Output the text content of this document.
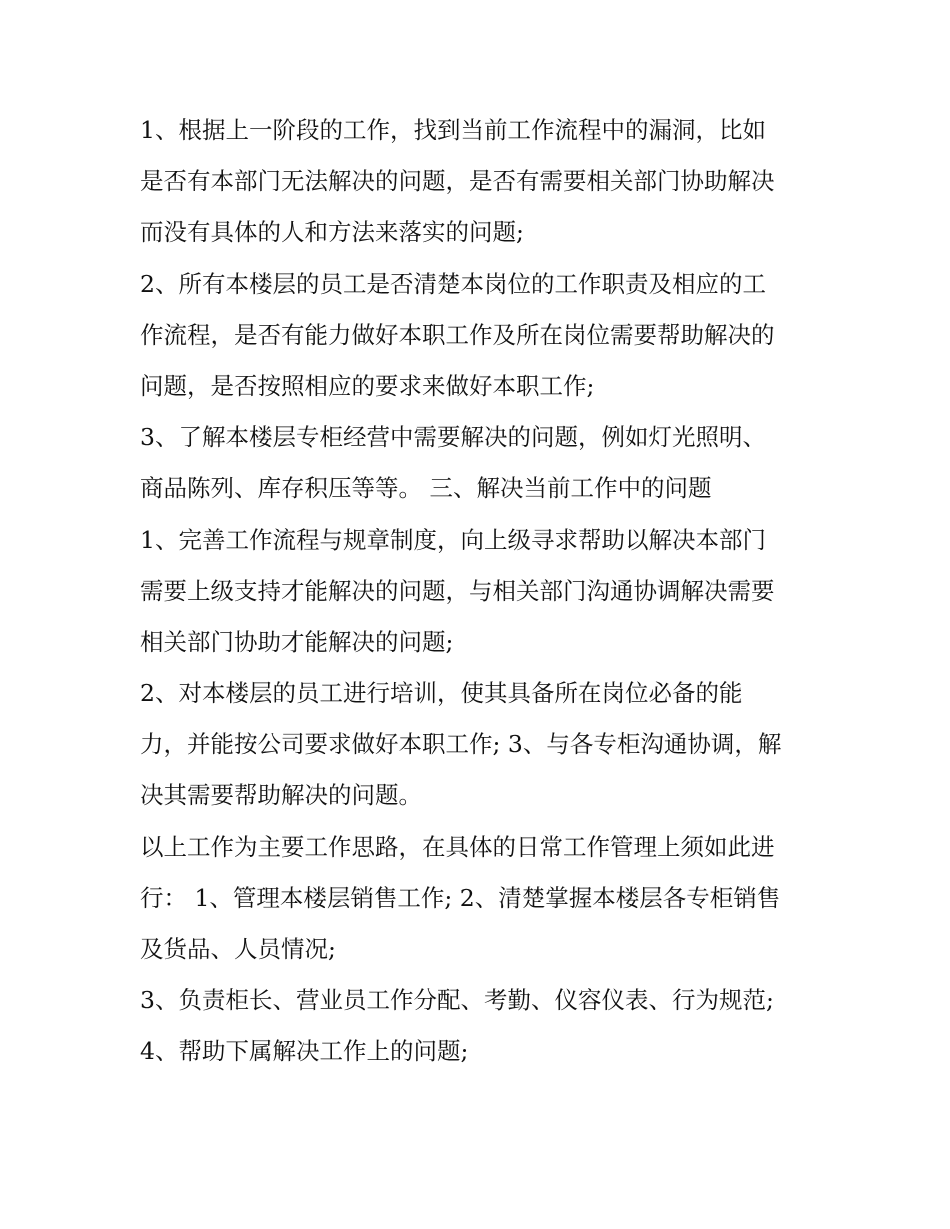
1、根据上一阶段的工作，找到当前工作流程中的漏洞，比如
是否有本部门无法解决的问题，是否有需要相关部门协助解决
而没有具体的人和方法来落实的问题;
2、所有本楼层的员工是否清楚本岗位的工作职责及相应的工
作流程，是否有能力做好本职工作及所在岗位需要帮助解决的
问题，是否按照相应的要求来做好本职工作;
3、了解本楼层专柜经营中需要解决的问题，例如灯光照明、
商品陈列、库存积压等等。 三、解决当前工作中的问题
1、完善工作流程与规章制度，向上级寻求帮助以解决本部门
需要上级支持才能解决的问题，与相关部门沟通协调解决需要
相关部门协助才能解决的问题;
2、对本楼层的员工进行培训，使其具备所在岗位必备的能
力，并能按公司要求做好本职工作; 3、与各专柜沟通协调，解
决其需要帮助解决的问题。
以上工作为主要工作思路，在具体的日常工作管理上须如此进
行： 1、管理本楼层销售工作; 2、清楚掌握本楼层各专柜销售
及货品、人员情况;
3、负责柜长、营业员工作分配、考勤、仪容仪表、行为规范;
4、帮助下属解决工作上的问题;
